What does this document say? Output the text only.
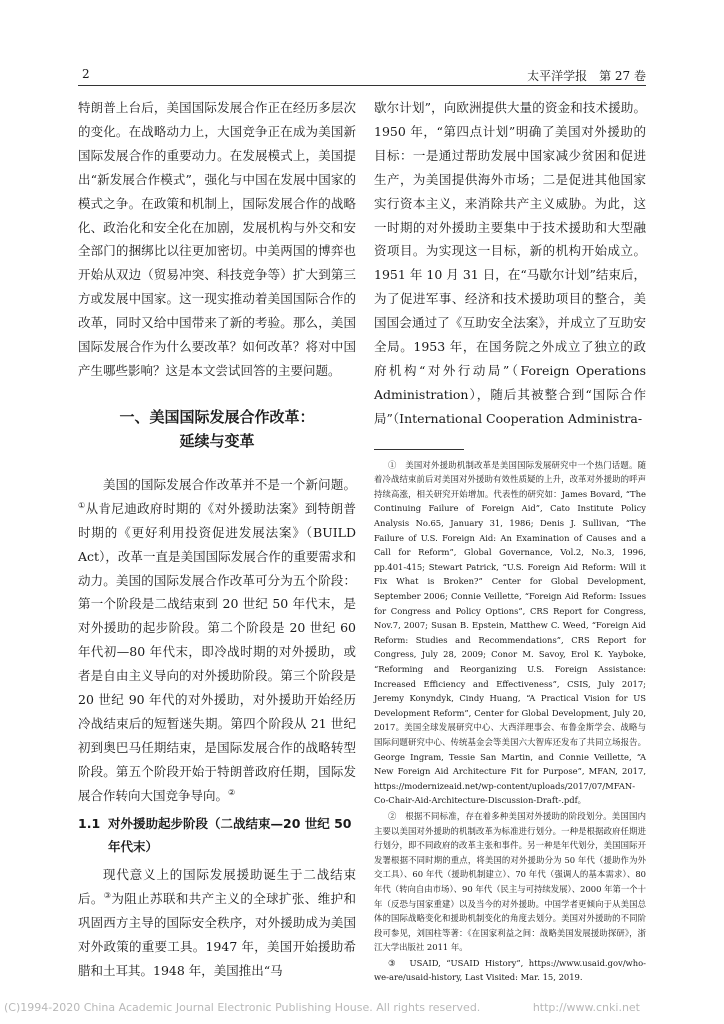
2	太平洋学报　第 27 卷

特朗普上台后，美国国际发展合作正在经历多层次的变化。在战略动力上，大国竞争正在成为美国新国际发展合作的重要动力。在发展模式上，美国提出“新发展合作模式”，强化与中国在发展中国家的模式之争。在政策和机制上，国际发展合作的战略化、政治化和安全化在加剧，发展机构与外交和安全部门的捆绑比以往更加密切。中美两国的博弈也开始从双边（贸易冲突、科技竞争等）扩大到第三方或发展中国家。这一现实推动着美国国际合作的改革，同时又给中国带来了新的考验。那么，美国国际发展合作为什么要改革？如何改革？将对中国产生哪些影响？这是本文尝试回答的主要问题。

一、美国国际发展合作改革：
延续与变革

美国的国际发展合作改革并不是一个新问题。①从肯尼迪政府时期的《对外援助法案》到特朗普时期的《更好利用投资促进发展法案》（BUILD Act），改革一直是美国国际发展合作的重要需求和动力。美国的国际发展合作改革可分为五个阶段：第一个阶段是二战结束到 20 世纪 50 年代末，是对外援助的起步阶段。第二个阶段是 20 世纪 60 年代初—80 年代末，即冷战时期的对外援助，或者是自由主义导向的对外援助阶段。第三个阶段是 20 世纪 90 年代的对外援助，对外援助开始经历冷战结束后的短暂迷失期。第四个阶段从 21 世纪初到奥巴马任期结束，是国际发展合作的战略转型阶段。第五个阶段开始于特朗普政府任期，国际发展合作转向大国竞争导向。②

1.1 对外援助起步阶段（二战结束—20 世纪 50 年代末）

现代意义上的国际发展援助诞生于二战结束后。③为阻止苏联和共产主义的全球扩张、维护和巩固西方主导的国际安全秩序，对外援助成为美国对外政策的重要工具。1947 年，美国开始援助希腊和土耳其。1948 年，美国推出“马

歇尔计划”，向欧洲提供大量的资金和技术援助。1950 年，“第四点计划”明确了美国对外援助的目标：一是通过帮助发展中国家减少贫困和促进生产，为美国提供海外市场；二是促进其他国家实行资本主义，来消除共产主义威胁。为此，这一时期的对外援助主要集中于技术援助和大型融资项目。为实现这一目标，新的机构开始成立。1951 年 10 月 31 日，在“马歇尔计划”结束后，为了促进军事、经济和技术援助项目的整合，美国国会通过了《互助安全法案》，并成立了互助安全局。1953 年，在国务院之外成立了独立的政府机构“对外行动局”（Foreign Operations Administration），随后其被整合到“国际合作局”（International Cooperation Administra-

①　美国对外援助机制改革是美国国际发展研究中一个热门话题。随着冷战结束前后对美国对外援助有效性质疑的上升，改革对外援助的呼声持续高涨，相关研究开始增加。代表性的研究如：James Bovard, “The Continuing Failure of Foreign Aid”, Cato Institute Policy Analysis No.65, January 31, 1986; Denis J. Sullivan, “The Failure of U.S. Foreign Aid: An Examination of Causes and a Call for Reform”, Global Governance, Vol.2, No.3, 1996, pp.401-415; Stewart Patrick, “U.S. Foreign Aid Reform: Will it Fix What is Broken?” Center for Global Development, September 2006; Connie Veillette, “Foreign Aid Reform: Issues for Congress and Policy Options”, CRS Report for Congress, Nov.7, 2007; Susan B. Epstein, Matthew C. Weed, “Foreign Aid Reform: Studies and Recommendations”, CRS Report for Congress, July 28, 2009; Conor M. Savoy, Erol K. Yayboke, “Reforming and Reorganizing U.S. Foreign Assistance: Increased Efficiency and Effectiveness”, CSIS, July 2017; Jeremy Konyndyk, Cindy Huang, “A Practical Vision for US Development Reform”, Center for Global Development, July 20, 2017。美国全球发展研究中心、大西洋理事会、布鲁金斯学会、战略与国际问题研究中心、传统基金会等美国六大智库还发布了共同立场报告。George Ingram, Tessie San Martin, and Connie Veillette, “A New Foreign Aid Architecture Fit for Purpose”, MFAN, 2017, https://modernizeaid.net/wp-content/uploads/2017/07/MFAN-Co-Chair-Aid-Architecture-Discussion-Draft-.pdf。

②　根据不同标准，存在着多种美国对外援助的阶段划分。美国国内主要以美国对外援助的机制改革为标准进行划分。一种是根据政府任期进行划分，即不同政府的改革主张和事件。另一种是年代划分，美国国际开发署根据不同时期的重点，将美国的对外援助分为 50 年代（援助作为外交工具）、60 年代（援助机制建立）、70 年代（强调人的基本需求）、80 年代（转向自由市场）、90 年代（民主与可持续发展）、2000 年第一个十年（反恐与国家重建）以及当今的对外援助。中国学者更倾向于从美国总体的国际战略变化和援助机制变化的角度去划分。美国对外援助的不同阶段可参见，刘国柱等著：《在国家利益之间：战略美国发展援助探研》，浙江大学出版社 2011 年。

③　USAID, “USAID History”, https://www.usaid.gov/who-we-are/usaid-history, Last Visited: Mar. 15, 2019.

(C)1994-2020 China Academic Journal Electronic Publishing House. All rights reserved.	http://www.cnki.net
